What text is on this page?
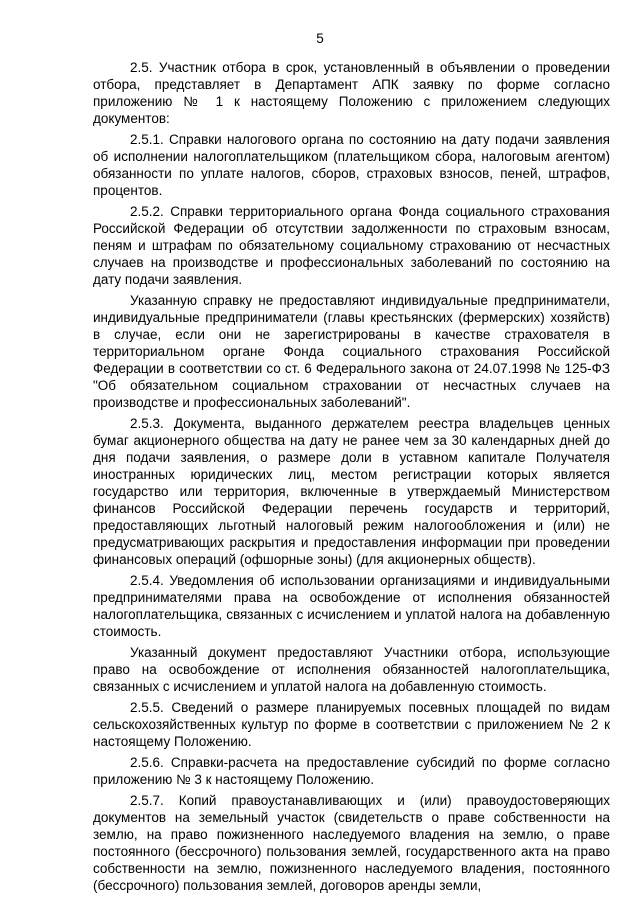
5

2.5. Участник отбора в срок, установленный в объявлении о проведении отбора, представляет в Департамент АПК заявку по форме согласно приложению № 1 к настоящему Положению с приложением следующих документов:

2.5.1. Справки налогового органа по состоянию на дату подачи заявления об исполнении налогоплательщиком (плательщиком сбора, налоговым агентом) обязанности по уплате налогов, сборов, страховых взносов, пеней, штрафов, процентов.

2.5.2. Справки территориального органа Фонда социального страхования Российской Федерации об отсутствии задолженности по страховым взносам, пеням и штрафам по обязательному социальному страхованию от несчастных случаев на производстве и профессиональных заболеваний по состоянию на дату подачи заявления.

Указанную справку не предоставляют индивидуальные предприниматели, индивидуальные предприниматели (главы крестьянских (фермерских) хозяйств) в случае, если они не зарегистрированы в качестве страхователя в территориальном органе Фонда социального страхования Российской Федерации в соответствии со ст. 6 Федерального закона от 24.07.1998 № 125-ФЗ "Об обязательном социальном страховании от несчастных случаев на производстве и профессиональных заболеваний".

2.5.3. Документа, выданного держателем реестра владельцев ценных бумаг акционерного общества на дату не ранее чем за 30 календарных дней до дня подачи заявления, о размере доли в уставном капитале Получателя иностранных юридических лиц, местом регистрации которых является государство или территория, включенные в утверждаемый Министерством финансов Российской Федерации перечень государств и территорий, предоставляющих льготный налоговый режим налогообложения и (или) не предусматривающих раскрытия и предоставления информации при проведении финансовых операций (офшорные зоны) (для акционерных обществ).

2.5.4. Уведомления об использовании организациями и индивидуальными предпринимателями права на освобождение от исполнения обязанностей налогоплательщика, связанных с исчислением и уплатой налога на добавленную стоимость.

Указанный документ предоставляют Участники отбора, использующие право на освобождение от исполнения обязанностей налогоплательщика, связанных с исчислением и уплатой налога на добавленную стоимость.

2.5.5. Сведений о размере планируемых посевных площадей по видам сельскохозяйственных культур по форме в соответствии с приложением № 2 к настоящему Положению.

2.5.6. Справки-расчета на предоставление субсидий по форме согласно приложению № 3 к настоящему Положению.

2.5.7. Копий правоустанавливающих и (или) правоудостоверяющих документов на земельный участок (свидетельств о праве собственности на землю, на право пожизненного наследуемого владения на землю, о праве постоянного (бессрочного) пользования землей, государственного акта на право собственности на землю, пожизненного наследуемого владения, постоянного (бессрочного) пользования землей, договоров аренды земли,
